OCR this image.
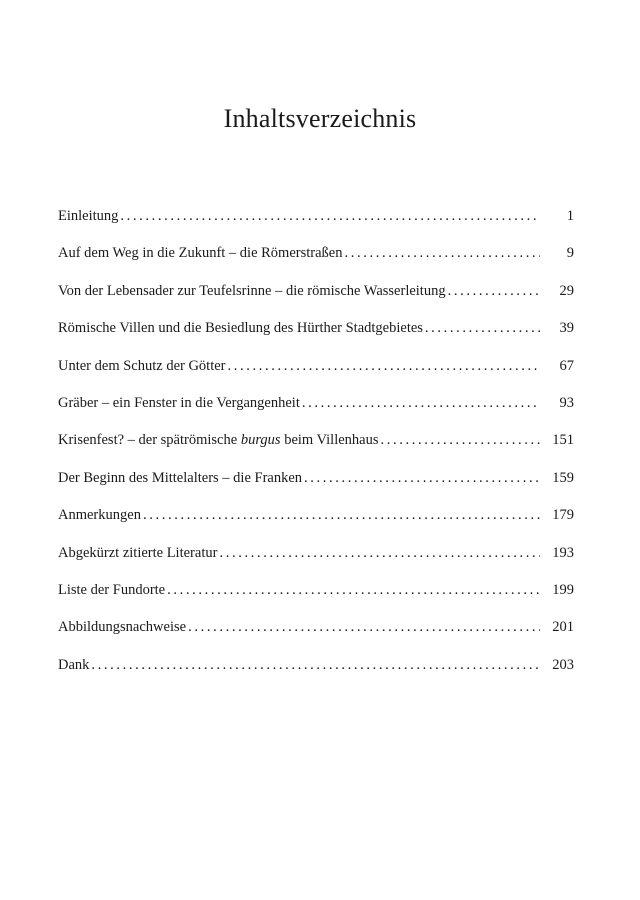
Inhaltsverzeichnis
Einleitung . . .	1
Auf dem Weg in die Zukunft – die Römerstraßen . . .	9
Von der Lebensader zur Teufelsrinne – die römische Wasserleitung . . .	29
Römische Villen und die Besiedlung des Hürther Stadtgebietes . . .	39
Unter dem Schutz der Götter . . .	67
Gräber – ein Fenster in die Vergangenheit . . .	93
Krisenfest? – der spätrömische burgus beim Villenhaus . . .	151
Der Beginn des Mittelalters – die Franken . . .	159
Anmerkungen . . .	179
Abgekürzt zitierte Literatur . . .	193
Liste der Fundorte . . .	199
Abbildungsnachweise . . .	201
Dank . . .	203
